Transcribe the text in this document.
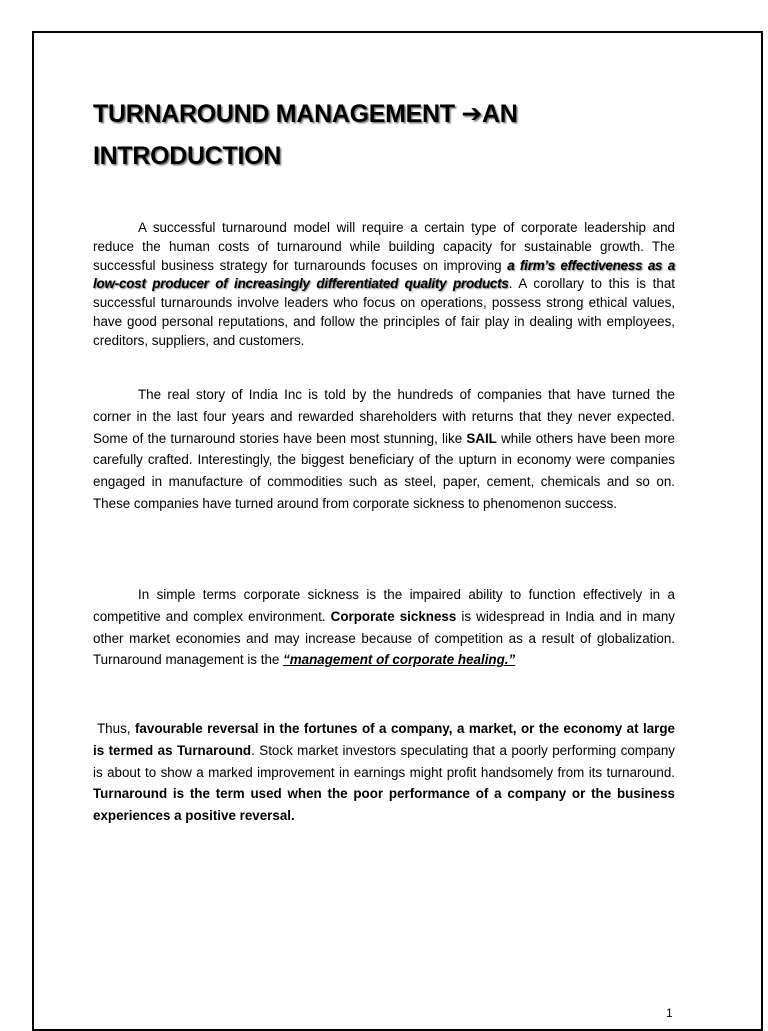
TURNAROUND MANAGEMENT ➔AN
INTRODUCTION

A successful turnaround model will require a certain type of corporate leadership and reduce the human costs of turnaround while building capacity for sustainable growth. The successful business strategy for turnarounds focuses on improving a firm’s effectiveness as a low-cost producer of increasingly differentiated quality products. A corollary to this is that successful turnarounds involve leaders who focus on operations, possess strong ethical values, have good personal reputations, and follow the principles of fair play in dealing with employees, creditors, suppliers, and customers.

The real story of India Inc is told by the hundreds of companies that have turned the corner in the last four years and rewarded shareholders with returns that they never expected. Some of the turnaround stories have been most stunning, like SAIL while others have been more carefully crafted. Interestingly, the biggest beneficiary of the upturn in economy were companies engaged in manufacture of commodities such as steel, paper, cement, chemicals and so on. These companies have turned around from corporate sickness to phenomenon success.

In simple terms corporate sickness is the impaired ability to function effectively in a competitive and complex environment. Corporate sickness is widespread in India and in many other market economies and may increase because of competition as a result of globalization. Turnaround management is the “management of corporate healing.”

Thus, favourable reversal in the fortunes of a company, a market, or the economy at large is termed as Turnaround. Stock market investors speculating that a poorly performing company is about to show a marked improvement in earnings might profit handsomely from its turnaround. Turnaround is the term used when the poor performance of a company or the business experiences a positive reversal.

1
